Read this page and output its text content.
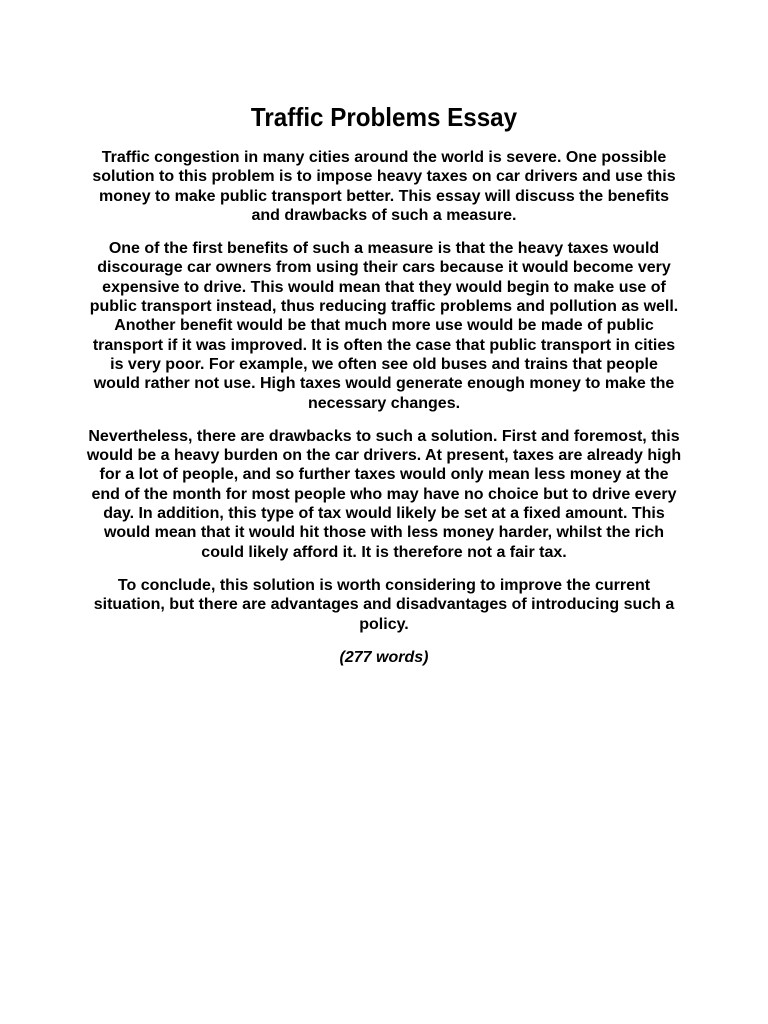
Traffic Problems Essay

Traffic congestion in many cities around the world is severe. One possible solution to this problem is to impose heavy taxes on car drivers and use this money to make public transport better. This essay will discuss the benefits and drawbacks of such a measure.

One of the first benefits of such a measure is that the heavy taxes would discourage car owners from using their cars because it would become very expensive to drive. This would mean that they would begin to make use of public transport instead, thus reducing traffic problems and pollution as well. Another benefit would be that much more use would be made of public transport if it was improved. It is often the case that public transport in cities is very poor. For example, we often see old buses and trains that people would rather not use. High taxes would generate enough money to make the necessary changes.

Nevertheless, there are drawbacks to such a solution. First and foremost, this would be a heavy burden on the car drivers. At present, taxes are already high for a lot of people, and so further taxes would only mean less money at the end of the month for most people who may have no choice but to drive every day. In addition, this type of tax would likely be set at a fixed amount. This would mean that it would hit those with less money harder, whilst the rich could likely afford it. It is therefore not a fair tax.

To conclude, this solution is worth considering to improve the current situation, but there are advantages and disadvantages of introducing such a policy.

(277 words)
